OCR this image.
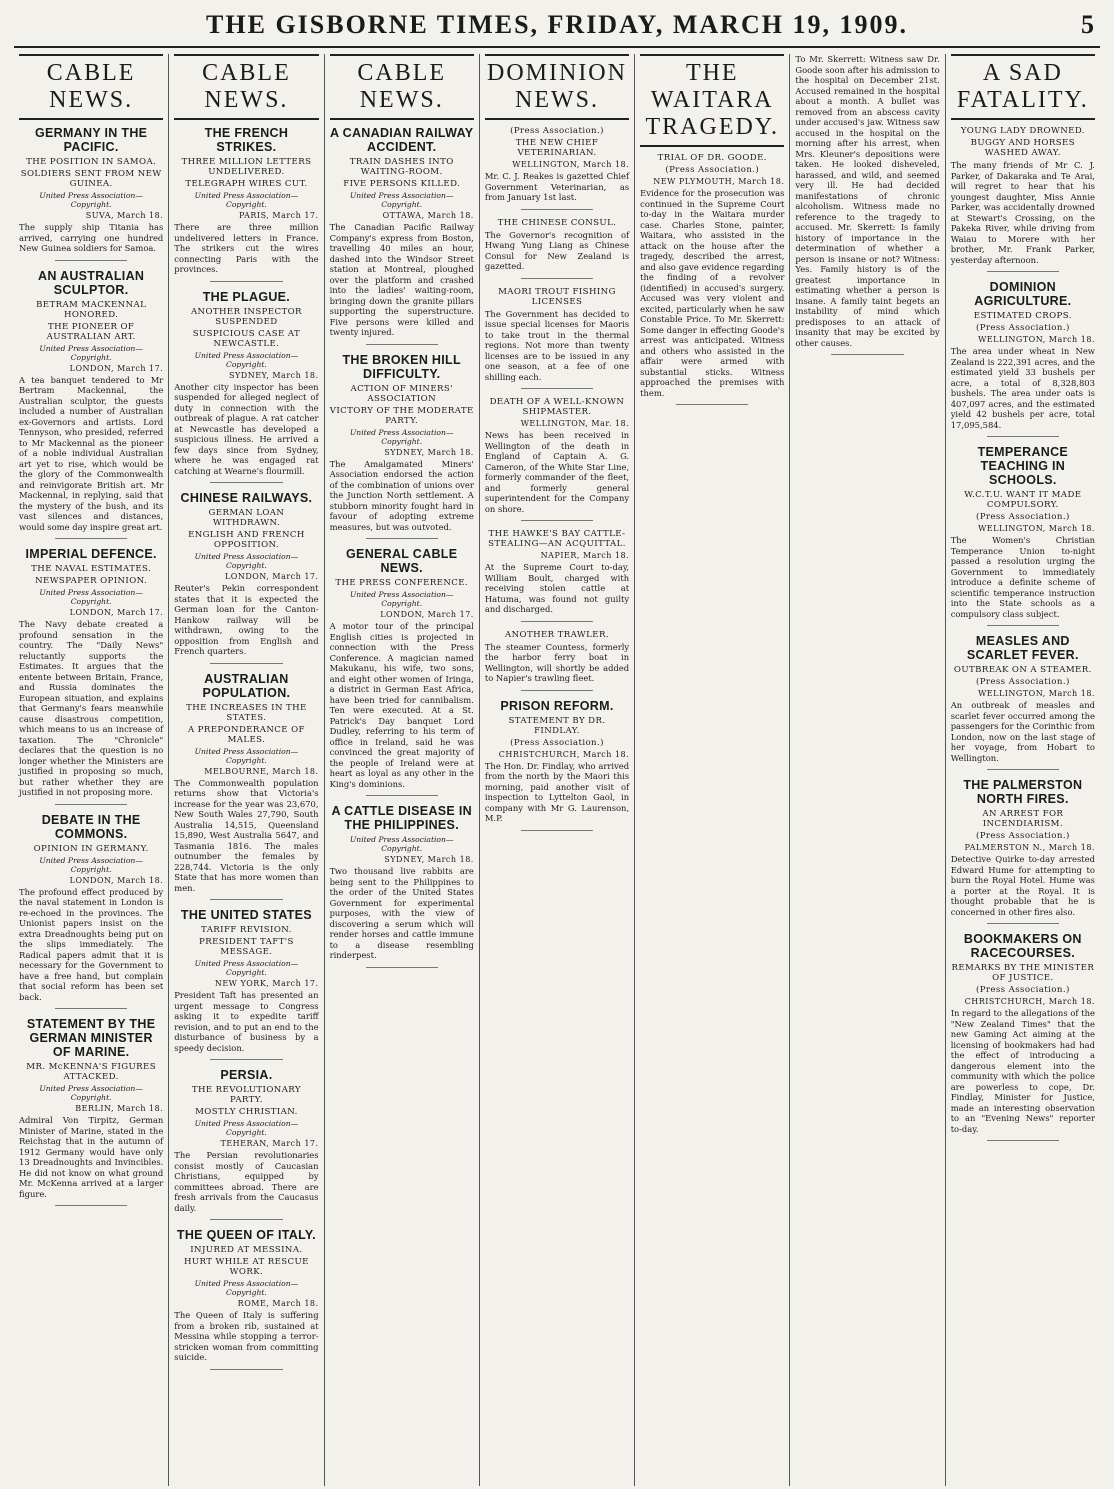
THE GISBORNE TIMES, FRIDAY, MARCH 19, 1909.	5
CABLE NEWS.
GERMANY IN THE PACIFIC.
THE POSITION IN SAMOA.
SOLDIERS SENT FROM NEW GUINEA.
United Press Association—Copyright.
SUVA, March 18.

The supply ship Titania has arrived, carrying one hundred New Guinea soldiers for Samoa.

AN AUSTRALIAN SCULPTOR.
BETRAM MACKENNAL HONORED.
THE PIONEER OF AUSTRALIAN ART.
United Press Association—Copyright.
LONDON, March 17.

A tea banquet tendered to Mr Bertram Mackennal, the Australian sculptor, the guests included a number of Australian ex-Governors and artists. Lord Tennyson, who presided, referred to Mr Mackennal as the pioneer of a noble individual Australian art yet to rise, which would be the glory of the Commonwealth and reinvigorate British art. Mr Mackennal, in replying, said that the mystery of the bush, and its vast silences and distances, would some day inspire great art.

IMPERIAL DEFENCE.
THE NAVAL ESTIMATES.
NEWSPAPER OPINION.
United Press Association—Copyright.
LONDON, March 17.

The Navy debate created a profound sensation in the country. The "Daily News" reluctantly supports the Estimates. It argues that the entente between Britain, France, and Russia dominates the European situation, and explains that Germany's fears meanwhile cause disastrous competition, which means to us an increase of taxation. The "Chronicle" declares that the question is no longer whether the Ministers are justified in proposing so much, but rather whether they are justified in not proposing more.

DEBATE IN THE COMMONS.
OPINION IN GERMANY.
United Press Association—Copyright.
LONDON, March 18.

The profound effect produced by the naval statement in London is re-echoed in the provinces. The Unionist papers insist on the extra Dreadnoughts being put on the slips immediately. The Radical papers admit that it is necessary for the Government to have a free hand, but complain that social reform has been set back.

STATEMENT BY THE GERMAN MINISTER OF MARINE.
MR. McKENNA'S FIGURES ATTACKED.
United Press Association—Copyright.
BERLIN, March 18.

Admiral Von Tirpitz, German Minister of Marine, stated in the Reichstag that in the autumn of 1912 Germany would have only 13 Dreadnoughts and Invincibles. He did not know on what ground Mr. McKenna arrived at a larger figure.

CABLE NEWS.
THE FRENCH STRIKES.
THREE MILLION LETTERS UNDELIVERED.
TELEGRAPH WIRES CUT.
United Press Association—Copyright.
PARIS, March 17.

There are three million undelivered letters in France. The strikers cut the wires connecting Paris with the provinces.

THE PLAGUE.
ANOTHER INSPECTOR SUSPENDED
SUSPICIOUS CASE AT NEWCASTLE.
United Press Association—Copyright.
SYDNEY, March 18.

Another city inspector has been suspended for alleged neglect of duty in connection with the outbreak of plague. A rat catcher at Newcastle has developed a suspicious illness. He arrived a few days since from Sydney, where he was engaged rat catching at Wearne's flourmill.

CHINESE RAILWAYS.
GERMAN LOAN WITHDRAWN.
ENGLISH AND FRENCH OPPOSITION.
United Press Association—Copyright.
LONDON, March 17.

Reuter's Pekin correspondent states that it is expected the German loan for the Canton-Hankow railway will be withdrawn, owing to the opposition from English and French quarters.

AUSTRALIAN POPULATION.
THE INCREASES IN THE STATES.
A PREPONDERANCE OF MALES.
United Press Association—Copyright.
MELBOURNE, March 18.

The Commonwealth population returns show that Victoria's increase for the year was 23,670, New South Wales 27,790, South Australia 14,515, Queensland 15,890, West Australia 5647, and Tasmania 1816. The males outnumber the females by 228,744. Victoria is the only State that has more women than men.

THE UNITED STATES
TARIFF REVISION.
PRESIDENT TAFT'S MESSAGE.
United Press Association—Copyright.
NEW YORK, March 17.

President Taft has presented an urgent message to Congress asking it to expedite tariff revision, and to put an end to the disturbance of business by a speedy decision.

PERSIA.
THE REVOLUTIONARY PARTY.
MOSTLY CHRISTIAN.
United Press Association—Copyright.
TEHERAN, March 17.

The Persian revolutionaries consist mostly of Caucasian Christians, equipped by committees abroad. There are fresh arrivals from the Caucasus daily.

THE QUEEN OF ITALY.
INJURED AT MESSINA.
HURT WHILE AT RESCUE WORK.
United Press Association—Copyright.
ROME, March 18.

The Queen of Italy is suffering from a broken rib, sustained at Messina while stopping a terror-stricken woman from committing suicide.

CABLE NEWS.
A CANADIAN RAILWAY ACCIDENT.
TRAIN DASHES INTO WAITING-ROOM.
FIVE PERSONS KILLED.
United Press Association—Copyright.
OTTAWA, March 18.

The Canadian Pacific Railway Company's express from Boston, travelling 40 miles an hour, dashed into the Windsor Street station at Montreal, ploughed over the platform and crashed into the ladies' waiting-room, bringing down the granite pillars supporting the superstructure. Five persons were killed and twenty injured.

THE BROKEN HILL DIFFICULTY.
ACTION OF MINERS' ASSOCIATION
VICTORY OF THE MODERATE PARTY.
United Press Association—Copyright.
SYDNEY, March 18.

The Amalgamated Miners' Association endorsed the action of the combination of unions over the Junction North settlement. A stubborn minority fought hard in favour of adopting extreme measures, but was outvoted.

GENERAL CABLE NEWS.
THE PRESS CONFERENCE.
United Press Association—Copyright.
LONDON, March 17.

A motor tour of the principal English cities is projected in connection with the Press Conference. A magician named Makukanu, his wife, two sons, and eight other women of Iringa, a district in German East Africa, have been tried for cannibalism. Ten were executed. At a St. Patrick's Day banquet Lord Dudley, referring to his term of office in Ireland, said he was convinced the great majority of the people of Ireland were at heart as loyal as any other in the King's dominions.

A CATTLE DISEASE IN THE PHILIPPINES.
United Press Association—Copyright.
SYDNEY, March 18.

Two thousand live rabbits are being sent to the Philippines to the order of the United States Government for experimental purposes, with the view of discovering a serum which will render horses and cattle immune to a disease resembling rinderpest.

DOMINION NEWS.
(Press Association.)
THE NEW CHIEF VETERINARIAN.
WELLINGTON, March 18.

Mr. C. J. Reakes is gazetted Chief Government Veterinarian, as from January 1st last.

THE CHINESE CONSUL.

The Governor's recognition of Hwang Yung Liang as Chinese Consul for New Zealand is gazetted.

MAORI TROUT FISHING LICENSES

The Government has decided to issue special licenses for Maoris to take trout in the thermal regions. Not more than twenty licenses are to be issued in any one season, at a fee of one shilling each.

DEATH OF A WELL-KNOWN SHIPMASTER.
WELLINGTON, Mar. 18.

News has been received in Wellington of the death in England of Captain A. G. Cameron, of the White Star Line, formerly commander of the fleet, and formerly general superintendent for the Company on shore.

THE HAWKE'S BAY CATTLE-STEALING—AN ACQUITTAL.
NAPIER, March 18.

At the Supreme Court to-day, William Boult, charged with receiving stolen cattle at Hatuma, was found not guilty and discharged.

ANOTHER TRAWLER.

The steamer Countess, formerly the harbor ferry boat in Wellington, will shortly be added to Napier's trawling fleet.

PRISON REFORM.
STATEMENT BY DR. FINDLAY.
(Press Association.)
CHRISTCHURCH, March 18.

The Hon. Dr. Findlay, who arrived from the north by the Maori this morning, paid another visit of inspection to Lyttelton Gaol, in company with Mr G. Laurenson, M.P.

THE WAITARA TRAGEDY.
TRIAL OF DR. GOODE.
(Press Association.)
NEW PLYMOUTH, March 18.

Evidence for the prosecution was continued in the Supreme Court to-day in the Waitara murder case. Charles Stone, painter, Waitara, who assisted in the attack on the house after the tragedy, described the arrest, and also gave evidence regarding the finding of a revolver (identified) in accused's surgery. Accused was very violent and excited, particularly when he saw Constable Price. To Mr. Skerrett: Some danger in effecting Goode's arrest was anticipated. Witness and others who assisted in the affair were armed with substantial sticks. Witness approached the premises with them.

To Mr. Skerrett: Witness saw Dr. Goode soon after his admission to the hospital on December 21st. Accused remained in the hospital about a month. A bullet was removed from an abscess cavity under accused's jaw. Witness saw accused in the hospital on the morning after his arrest, when Mrs. Kleuner's depositions were taken. He looked disheveled, harassed, and wild, and seemed very ill. He had decided manifestations of chronic alcoholism. Witness made no reference to the tragedy to accused. Mr. Skerrett: Is family history of importance in the determination of whether a person is insane or not? Witness: Yes. Family history is of the greatest importance in estimating whether a person is insane. A family taint begets an instability of mind which predisposes to an attack of insanity that may be excited by other causes.

A SAD FATALITY.
YOUNG LADY DROWNED.
BUGGY AND HORSES WASHED AWAY.

The many friends of Mr C. J. Parker, of Dakaraka and Te Arai, will regret to hear that his youngest daughter, Miss Annie Parker, was accidentally drowned at Stewart's Crossing, on the Pakeka River, while driving from Waiau to Morere with her brother, Mr. Frank Parker, yesterday afternoon.

DOMINION AGRICULTURE.
ESTIMATED CROPS.
(Press Association.)
WELLINGTON, March 18.

The area under wheat in New Zealand is 222,391 acres, and the estimated yield 33 bushels per acre, a total of 8,328,803 bushels. The area under oats is 407,097 acres, and the estimated yield 42 bushels per acre, total 17,095,584.

TEMPERANCE TEACHING IN SCHOOLS.
W.C.T.U. WANT IT MADE COMPULSORY.
(Press Association.)
WELLINGTON, March 18.

The Women's Christian Temperance Union to-night passed a resolution urging the Government to immediately introduce a definite scheme of scientific temperance instruction into the State schools as a compulsory class subject.

MEASLES AND SCARLET FEVER.
OUTBREAK ON A STEAMER.
(Press Association.)
WELLINGTON, March 18.

An outbreak of measles and scarlet fever occurred among the passengers for the Corinthic from London, now on the last stage of her voyage, from Hobart to Wellington.

THE PALMERSTON NORTH FIRES.
AN ARREST FOR INCENDIARISM.
(Press Association.)
PALMERSTON N., March 18.

Detective Quirke to-day arrested Edward Hume for attempting to burn the Royal Hotel. Hume was a porter at the Royal. It is thought probable that he is concerned in other fires also.

BOOKMAKERS ON RACECOURSES.
REMARKS BY THE MINISTER OF JUSTICE.
(Press Association.)
CHRISTCHURCH, March 18.

In regard to the allegations of the "New Zealand Times" that the new Gaming Act aiming at the licensing of bookmakers had had the effect of introducing a dangerous element into the community with which the police are powerless to cope, Dr. Findlay, Minister for Justice, made an interesting observation to an "Evening News" reporter to-day.
